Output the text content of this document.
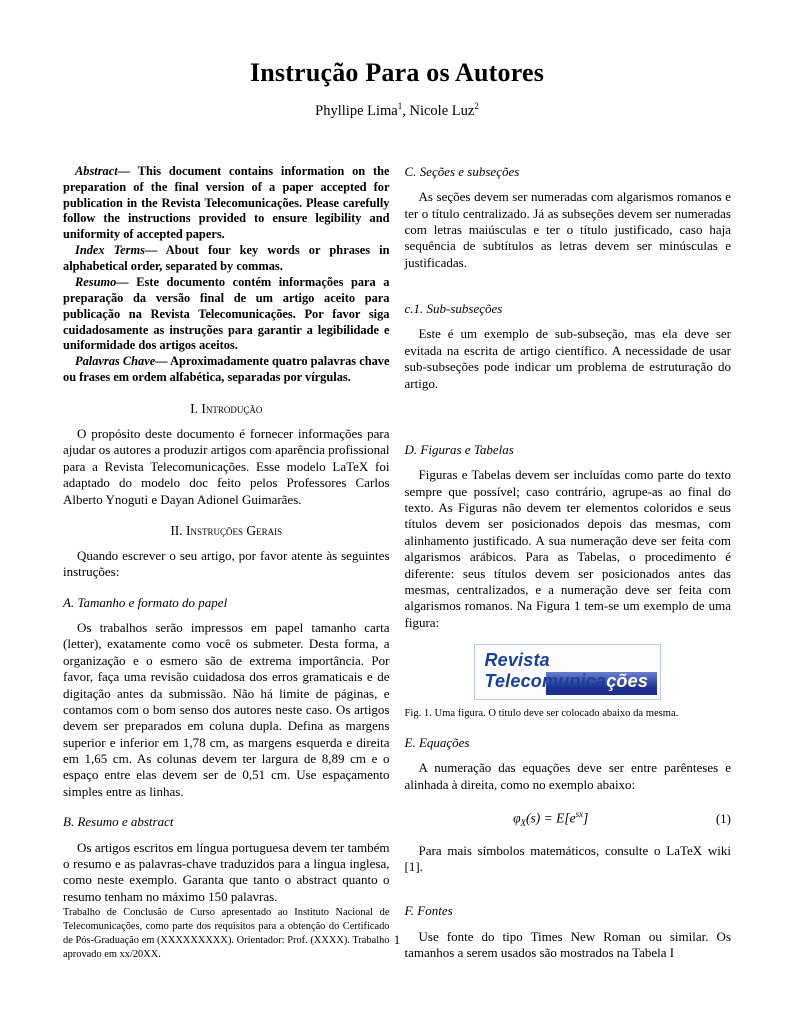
Instrução Para os Autores
Phyllipe Lima$^1$, Nicole Luz$^2$

Abstract— This document contains information on the preparation of the final version of a paper accepted for publication in the Revista Telecomunicações. Please carefully follow the instructions provided to ensure legibility and uniformity of accepted papers.

Index Terms— About four key words or phrases in alphabetical order, separated by commas.

Resumo— Este documento contém informações para a preparação da versão final de um artigo aceito para publicação na Revista Telecomunicações. Por favor siga cuidadosamente as instruções para garantir a legibilidade e uniformidade dos artigos aceitos.

Palavras Chave— Aproximadamente quatro palavras chave ou frases em ordem alfabética, separadas por vírgulas.

I. Introdução

O propósito deste documento é fornecer informações para ajudar os autores a produzir artigos com aparência profissional para a Revista Telecomunicações. Esse modelo LaTeX foi adaptado do modelo doc feito pelos Professores Carlos Alberto Ynoguti e Dayan Adionel Guimarães.

II. Instruções Gerais

Quando escrever o seu artigo, por favor atente às seguintes instruções:

A. Tamanho e formato do papel

Os trabalhos serão impressos em papel tamanho carta (letter), exatamente como você os submeter. Desta forma, a organização e o esmero são de extrema importância. Por favor, faça uma revisão cuidadosa dos erros gramaticais e de digitação antes da submissão. Não há limite de páginas, e contamos com o bom senso dos autores neste caso. Os artigos devem ser preparados em coluna dupla. Defina as margens superior e inferior em 1,78 cm, as margens esquerda e direita em 1,65 cm. As colunas devem ter largura de 8,89 cm e o espaço entre elas devem ser de 0,51 cm. Use espaçamento simples entre as linhas.

B. Resumo e abstract

Os artigos escritos em língua portuguesa devem ter também o resumo e as palavras-chave traduzidos para a língua inglesa, como neste exemplo. Garanta que tanto o abstract quanto o resumo tenham no máximo 150 palavras.

Trabalho de Conclusão de Curso apresentado ao Instituto Nacional de Telecomunicações, como parte dos requisitos para a obtenção do Certificado de Pós-Graduação em (XXXXXXXXX). Orientador: Prof. (XXXX). Trabalho aprovado em xx/20XX.
C. Seções e subseções

As seções devem ser numeradas com algarismos romanos e ter o título centralizado. Já as subseções devem ser numeradas com letras maiúsculas e ter o título justificado, caso haja sequência de subtítulos as letras devem ser minúsculas e justificadas.

c.1. Sub-subseções

Este é um exemplo de sub-subseção, mas ela deve ser evitada na escrita de artigo científico. A necessidade de usar sub-subseções pode indicar um problema de estruturação do artigo.

D. Figuras e Tabelas

Figuras e Tabelas devem ser incluídas como parte do texto sempre que possível; caso contrário, agrupe-as ao final do texto. As Figuras não devem ter elementos coloridos e seus títulos devem ser posicionados depois das mesmas, com alinhamento justificado. A sua numeração deve ser feita com algarismos arábicos. Para as Tabelas, o procedimento é diferente: seus títulos devem ser posicionados antes das mesmas, centralizados, e a numeração deve ser feita com algarismos romanos. Na Figura 1 tem-se um exemplo de uma figura:

Revista
Telecomunicações
Fig. 1. Uma figura. O título deve ser colocado abaixo da mesma.
E. Equações

A numeração das equações deve ser entre parênteses e alinhada à direita, como no exemplo abaixo:

$\varphi_X(s) = E[e^{sx}]$	(1)

Para mais símbolos matemáticos, consulte o LaTeX wiki [1].

F. Fontes

Use fonte do tipo Times New Roman ou similar. Os tamanhos a serem usados são mostrados na Tabela I

1
